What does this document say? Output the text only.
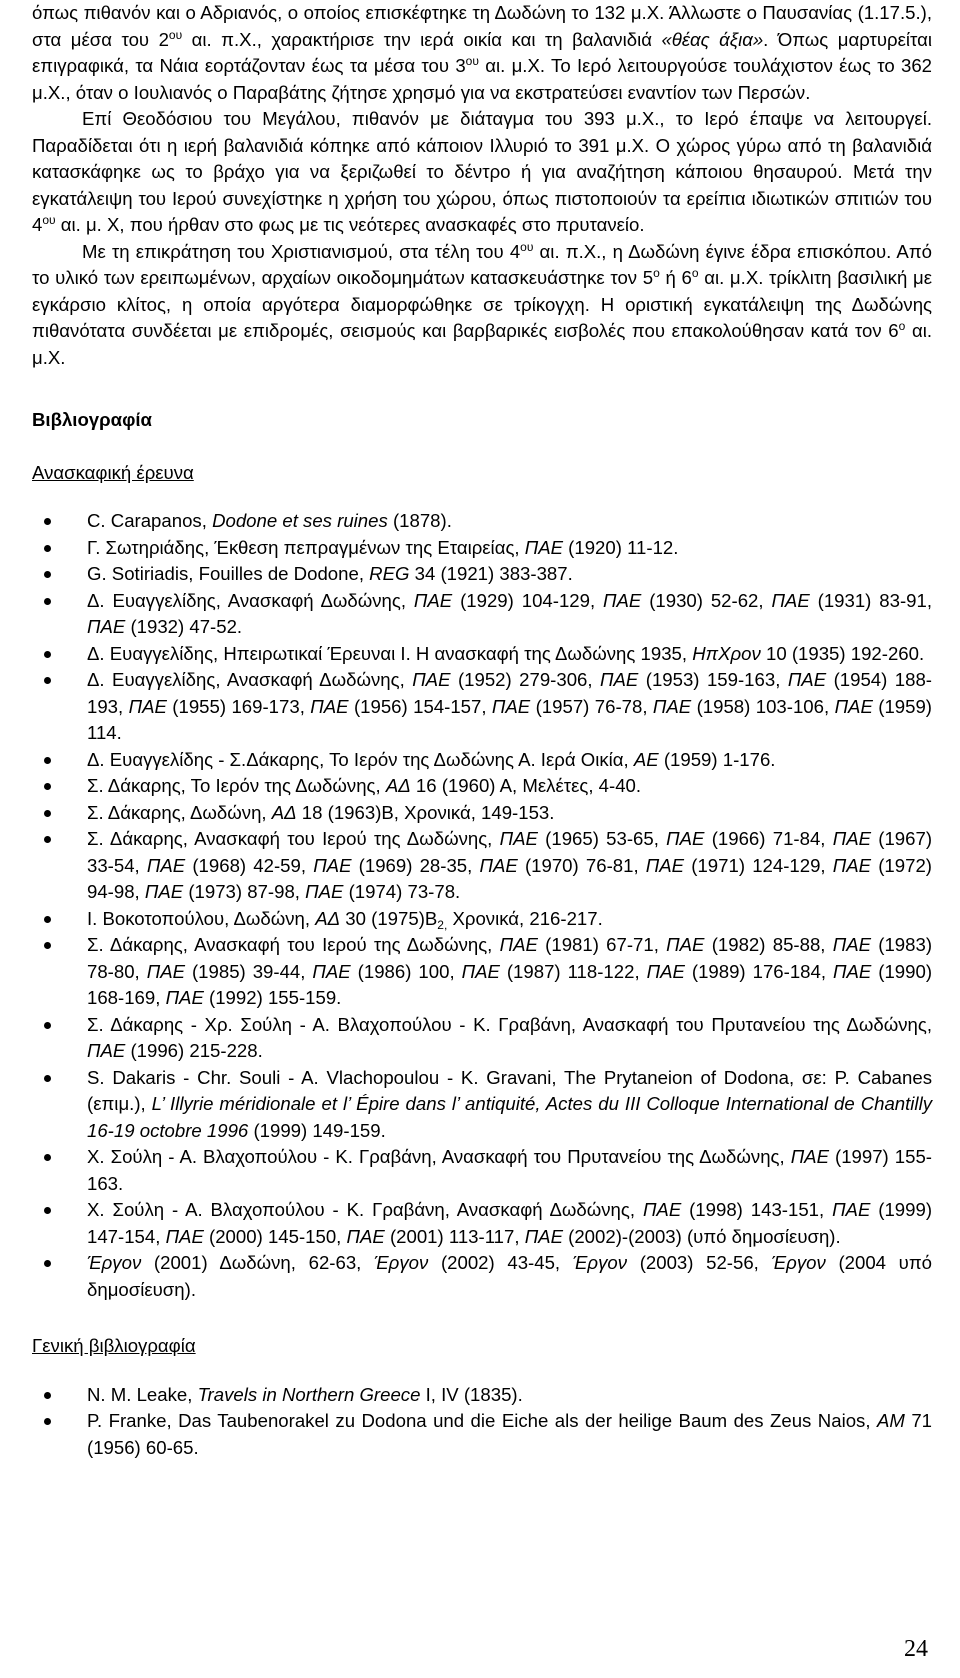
όπως πιθανόν και ο Αδριανός, ο οποίος επισκέφτηκε τη Δωδώνη το 132 μ.Χ. Άλλωστε ο Παυσανίας (1.17.5.), στα μέσα του $2^{o\upsilon}$ αι. π.Χ., χαρακτήρισε την ιερά οικία και τη βαλανιδιά «θέας άξια». Όπως μαρτυρείται επιγραφικά, τα Νάια εορτάζονταν έως τα μέσα του $3^{o\upsilon}$ αι. μ.Χ. Το Ιερό λειτουργούσε τουλάχιστον έως το 362 μ.Χ., όταν ο Ιουλιανός ο Παραβάτης ζήτησε χρησμό για να εκστρατεύσει εναντίον των Περσών.

Επί Θεοδόσιου του Μεγάλου, πιθανόν με διάταγμα του 393 μ.Χ., το Ιερό έπαψε να λειτουργεί. Παραδίδεται ότι η ιερή βαλανιδιά κόπηκε από κάποιον Ιλλυριό το 391 μ.Χ. Ο χώρος γύρω από τη βαλανιδιά κατασκάφηκε ως το βράχο για να ξεριζωθεί το δέντρο ή για αναζήτηση κάποιου θησαυρού. Μετά την εγκατάλειψη του Ιερού συνεχίστηκε η χρήση του χώρου, όπως πιστοποιούν τα ερείπια ιδιωτικών σπιτιών του $4^{o\upsilon}$ αι. μ. Χ, που ήρθαν στο φως με τις νεότερες ανασκαφές στο πρυτανείο.

Με τη επικράτηση του Χριστιανισμού, στα τέλη του $4^{o\upsilon}$ αι. π.Χ., η Δωδώνη έγινε έδρα επισκόπου. Από το υλικό των ερειπωμένων, αρχαίων οικοδομημάτων κατασκευάστηκε τον $5^o$ ή $6^o$ αι. μ.Χ. τρίκλιτη βασιλική με εγκάρσιο κλίτος, η οποία αργότερα διαμορφώθηκε σε τρίκογχη. Η οριστική εγκατάλειψη της Δωδώνης πιθανότατα συνδέεται με επιδρομές, σεισμούς και βαρβαρικές εισβολές που επακολούθησαν κατά τον $6^o$ αι. μ.Χ.

Βιβλιογραφία
Ανασκαφική έρευνα
C. Carapanos, Dodone et ses ruines (1878).
Γ. Σωτηριάδης, Έκθεση πεπραγμένων της Εταιρείας, ΠΑΕ (1920) 11-12.
G. Sotiriadis, Fouilles de Dodone, REG 34 (1921) 383-387.
Δ. Ευαγγελίδης, Ανασκαφή Δωδώνης, ΠΑΕ (1929) 104-129, ΠΑΕ (1930) 52-62, ΠΑΕ (1931) 83-91, ΠΑΕ (1932) 47-52.
Δ. Ευαγγελίδης, Ηπειρωτικαί Έρευναι Ι. Η ανασκαφή της Δωδώνης 1935, ΗπΧρον 10 (1935) 192-260.
Δ. Ευαγγελίδης, Ανασκαφή Δωδώνης, ΠΑΕ (1952) 279-306, ΠΑΕ (1953) 159-163, ΠΑΕ (1954) 188-193, ΠΑΕ (1955) 169-173, ΠΑΕ (1956) 154-157, ΠΑΕ (1957) 76-78, ΠΑΕ (1958) 103-106, ΠΑΕ (1959) 114.
Δ. Ευαγγελίδης - Σ.Δάκαρης, Το Ιερόν της Δωδώνης Α. Ιερά Οικία, ΑΕ (1959) 1-176.
Σ. Δάκαρης, Το Ιερόν της Δωδώνης, ΑΔ 16 (1960) Α, Μελέτες, 4-40.
Σ. Δάκαρης, Δωδώνη, ΑΔ 18 (1963)Β, Χρονικά, 149-153.
Σ. Δάκαρης, Ανασκαφή του Ιερού της Δωδώνης, ΠΑΕ (1965) 53-65, ΠΑΕ (1966) 71-84, ΠΑΕ (1967) 33-54, ΠΑΕ (1968) 42-59, ΠΑΕ (1969) 28-35, ΠΑΕ (1970) 76-81, ΠΑΕ (1971) 124-129, ΠΑΕ (1972) 94-98, ΠΑΕ (1973) 87-98, ΠΑΕ (1974) 73-78.
Ι. Βοκοτοπούλου, Δωδώνη, ΑΔ 30 $(1975)B_{2,}$ Χρονικά, 216-217.
Σ. Δάκαρης, Ανασκαφή του Ιερού της Δωδώνης, ΠΑΕ (1981) 67-71, ΠΑΕ (1982) 85-88, ΠΑΕ (1983) 78-80, ΠΑΕ (1985) 39-44, ΠΑΕ (1986) 100, ΠΑΕ (1987) 118-122, ΠΑΕ (1989) 176-184, ΠΑΕ (1990) 168-169, ΠΑΕ (1992) 155-159.
Σ. Δάκαρης - Χρ. Σούλη - Α. Βλαχοπούλου - Κ. Γραβάνη, Ανασκαφή του Πρυτανείου της Δωδώνης, ΠΑΕ (1996) 215-228.
S. Dakaris - Chr. Souli - A. Vlachopoulou - K. Gravani, The Prytaneion of Dodona, σε: P. Cabanes (επιμ.), L’ Illyrie méridionale et l’ Épire dans l’ antiquité, Actes du III Colloque International de Chantilly 16-19 octobre 1996 (1999) 149-159.
Χ. Σούλη - Α. Βλαχοπούλου - Κ. Γραβάνη, Ανασκαφή του Πρυτανείου της Δωδώνης, ΠΑΕ (1997) 155-163.
Χ. Σούλη - Α. Βλαχοπούλου - Κ. Γραβάνη, Ανασκαφή Δωδώνης, ΠΑΕ (1998) 143-151, ΠΑΕ (1999) 147-154, ΠΑΕ (2000) 145-150, ΠΑΕ (2001) 113-117, ΠΑΕ (2002)-(2003) (υπό δημοσίευση).
Έργον (2001) Δωδώνη, 62-63, Έργον (2002) 43-45, Έργον (2003) 52-56, Έργον (2004 υπό δημοσίευση).
Γενική βιβλιογραφία
N. M. Leake, Travels in Northern Greece I, IV (1835).
P. Franke, Das Taubenorakel zu Dodona und die Eiche als der heilige Baum des Zeus Naios, AM 71 (1956) 60-65.
24
